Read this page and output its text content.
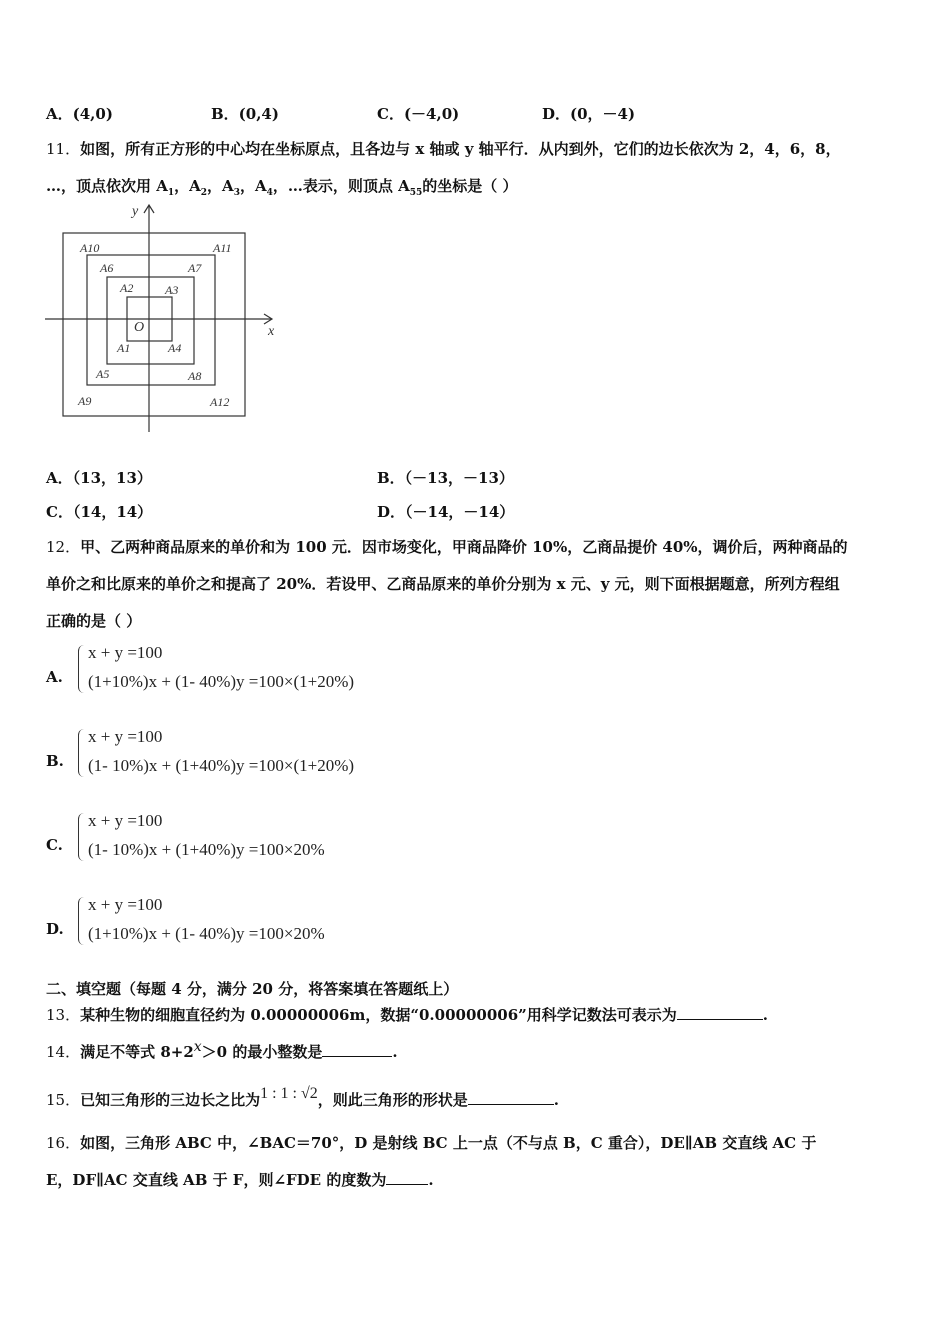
A．(4,0)	B．(0,4)	C．(－4,0)	D．(0，－4)
11．如图，所有正方形的中心均在坐标原点，且各边与 x 轴或 y 轴平行．从内到外，它们的边长依次为 2，4，6，8，
…，顶点依次用 $A_1$，$A_2$，$A_3$，$A_4$，…表示，则顶点 $A_{55}$的坐标是（ ）
x
y
O
A1
A2	A3
A4
A5
A6	A7
A8
A9
A10	A11
A12
A．（13，13）	B．（－13，－13）
C．（14，14）	D．（－14，－14）
12．甲、乙两种商品原来的单价和为 100 元．因市场变化，甲商品降价 10%，乙商品提价 40%，调价后，两种商品的
单价之和比原来的单价之和提高了 20%．若设甲、乙商品原来的单价分别为 x 元、y 元，则下面根据题意，所列方程组
正确的是（ ）
A.
x + y =100
(1+10%)x + (1- 40%)y =100×(1+20%)
B.
x + y =100
(1- 10%)x + (1+40%)y =100×(1+20%)
C.
x + y =100
(1- 10%)x + (1+40%)y =100×20%
D.
x + y =100
(1+10%)x + (1- 40%)y =100×20%
二、填空题（每题 4 分，满分 20 分，将答案填在答题纸上）
13．某种生物的细胞直径约为 0.00000006m，数据“0.00000006”用科学记数法可表示为	.
14．满足不等式 8+2x＞0 的最小整数是	.
15．已知三角形的三边长之比为1 : 1 : √2，则此三角形的形状是	.
16．如图，三角形 ABC 中，∠BAC＝70°，D 是射线 BC 上一点（不与点 B，C 重合），DE∥AB 交直线 AC 于
E，DF∥AC 交直线 AB 于 F，则∠FDE 的度数为	.
